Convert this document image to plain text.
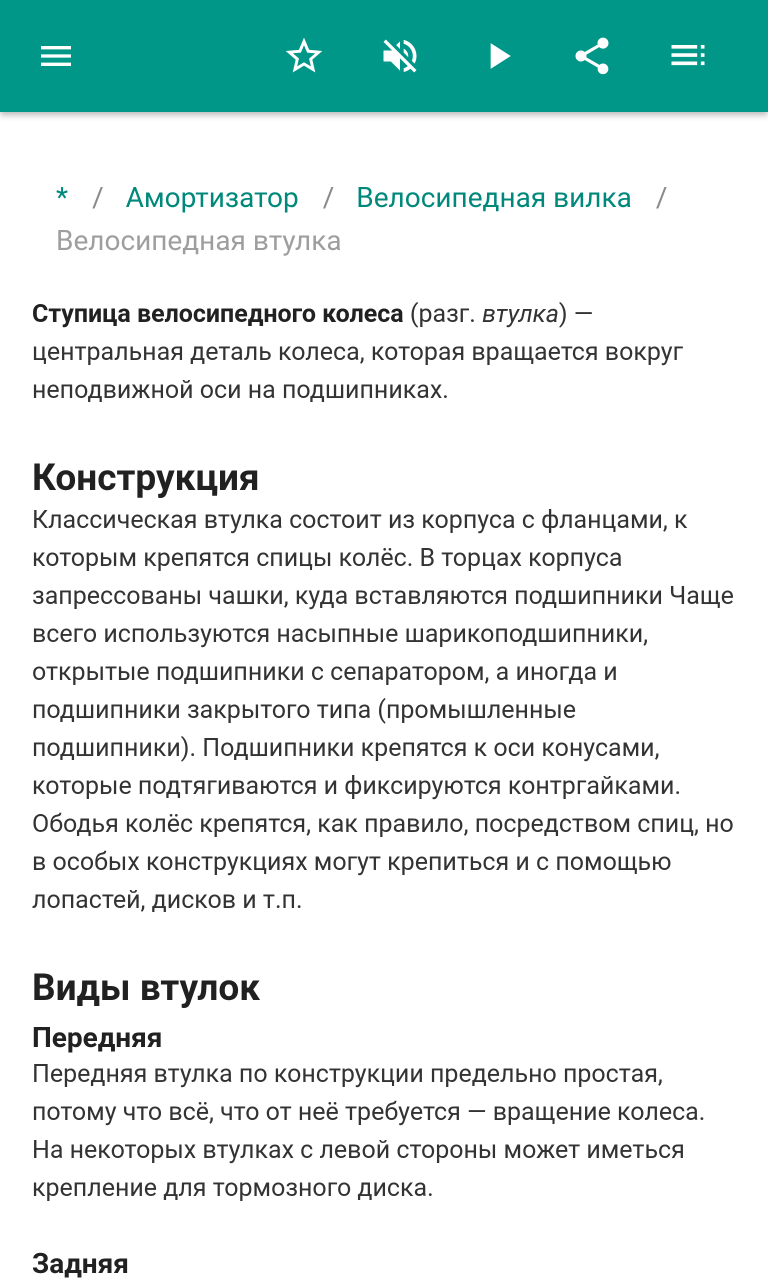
* / Амортизатор / Велосипедная вилка /Велосипедная втулка

Ступица велосипедного колеса (разг. втулка) — центральная деталь колеса, которая вращается вокруг неподвижной оси на подшипниках.

Конструкция

Классическая втулка состоит из корпуса с фланцами, к которым крепятся спицы колёс. В торцах корпуса запрессованы чашки, куда вставляются подшипники Чаще всего используются насыпные шарикоподшипники, открытые подшипники с сепаратором, а иногда и подшипники закрытого типа (промышленные подшипники). Подшипники крепятся к оси конусами, которые подтягиваются и фиксируются контргайками. Ободья колёс крепятся, как правило, посредством спиц, но в особых конструкциях могут крепиться и с помощью лопастей, дисков и т.п.

Виды втулок
Передняя

Передняя втулка по конструкции предельно простая, потому что всё, что от неё требуется — вращение колеса. На некоторых втулках с левой стороны может иметься крепление для тормозного диска.

Задняя
